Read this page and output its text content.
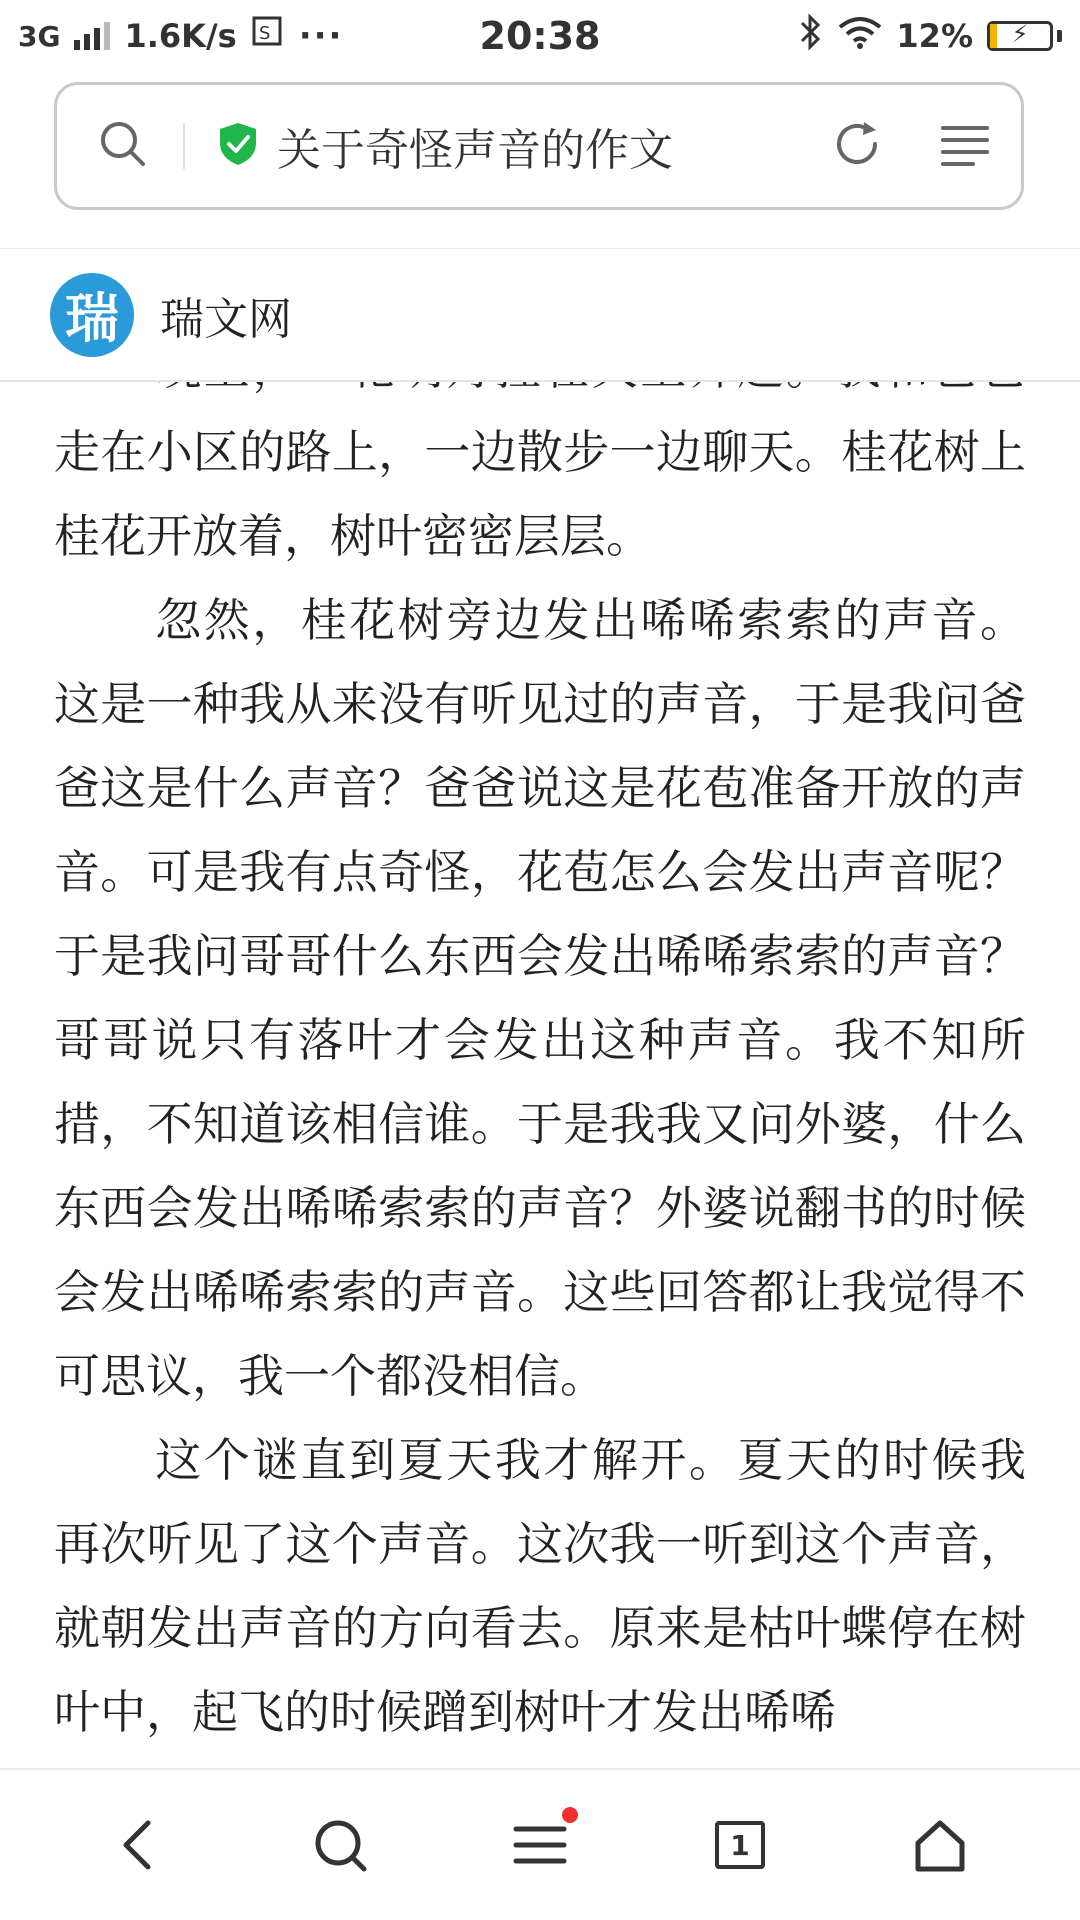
3G 1.6K/s S ···	20:38	12%	⚡
关于奇怪声音的作文
瑞 瑞文网

走在小区的路上，一边散步一边聊天。桂花树上桂花开放着，树叶密密层层。

忽然，桂花树旁边发出唏唏索索的声音。这是一种我从来没有听见过的声音，于是我问爸爸这是什么声音？爸爸说这是花苞准备开放的声音。可是我有点奇怪，花苞怎么会发出声音呢？于是我问哥哥什么东西会发出唏唏索索的声音？哥哥说只有落叶才会发出这种声音。我不知所措，不知道该相信谁。于是我我又问外婆，什么东西会发出唏唏索索的声音？外婆说翻书的时候会发出唏唏索索的声音。这些回答都让我觉得不可思议，我一个都没相信。

这个谜直到夏天我才解开。夏天的时候我再次听见了这个声音。这次我一听到这个声音，就朝发出声音的方向看去。原来是枯叶蝶停在树叶中，起飞的时候蹭到树叶才发出唏唏

1
